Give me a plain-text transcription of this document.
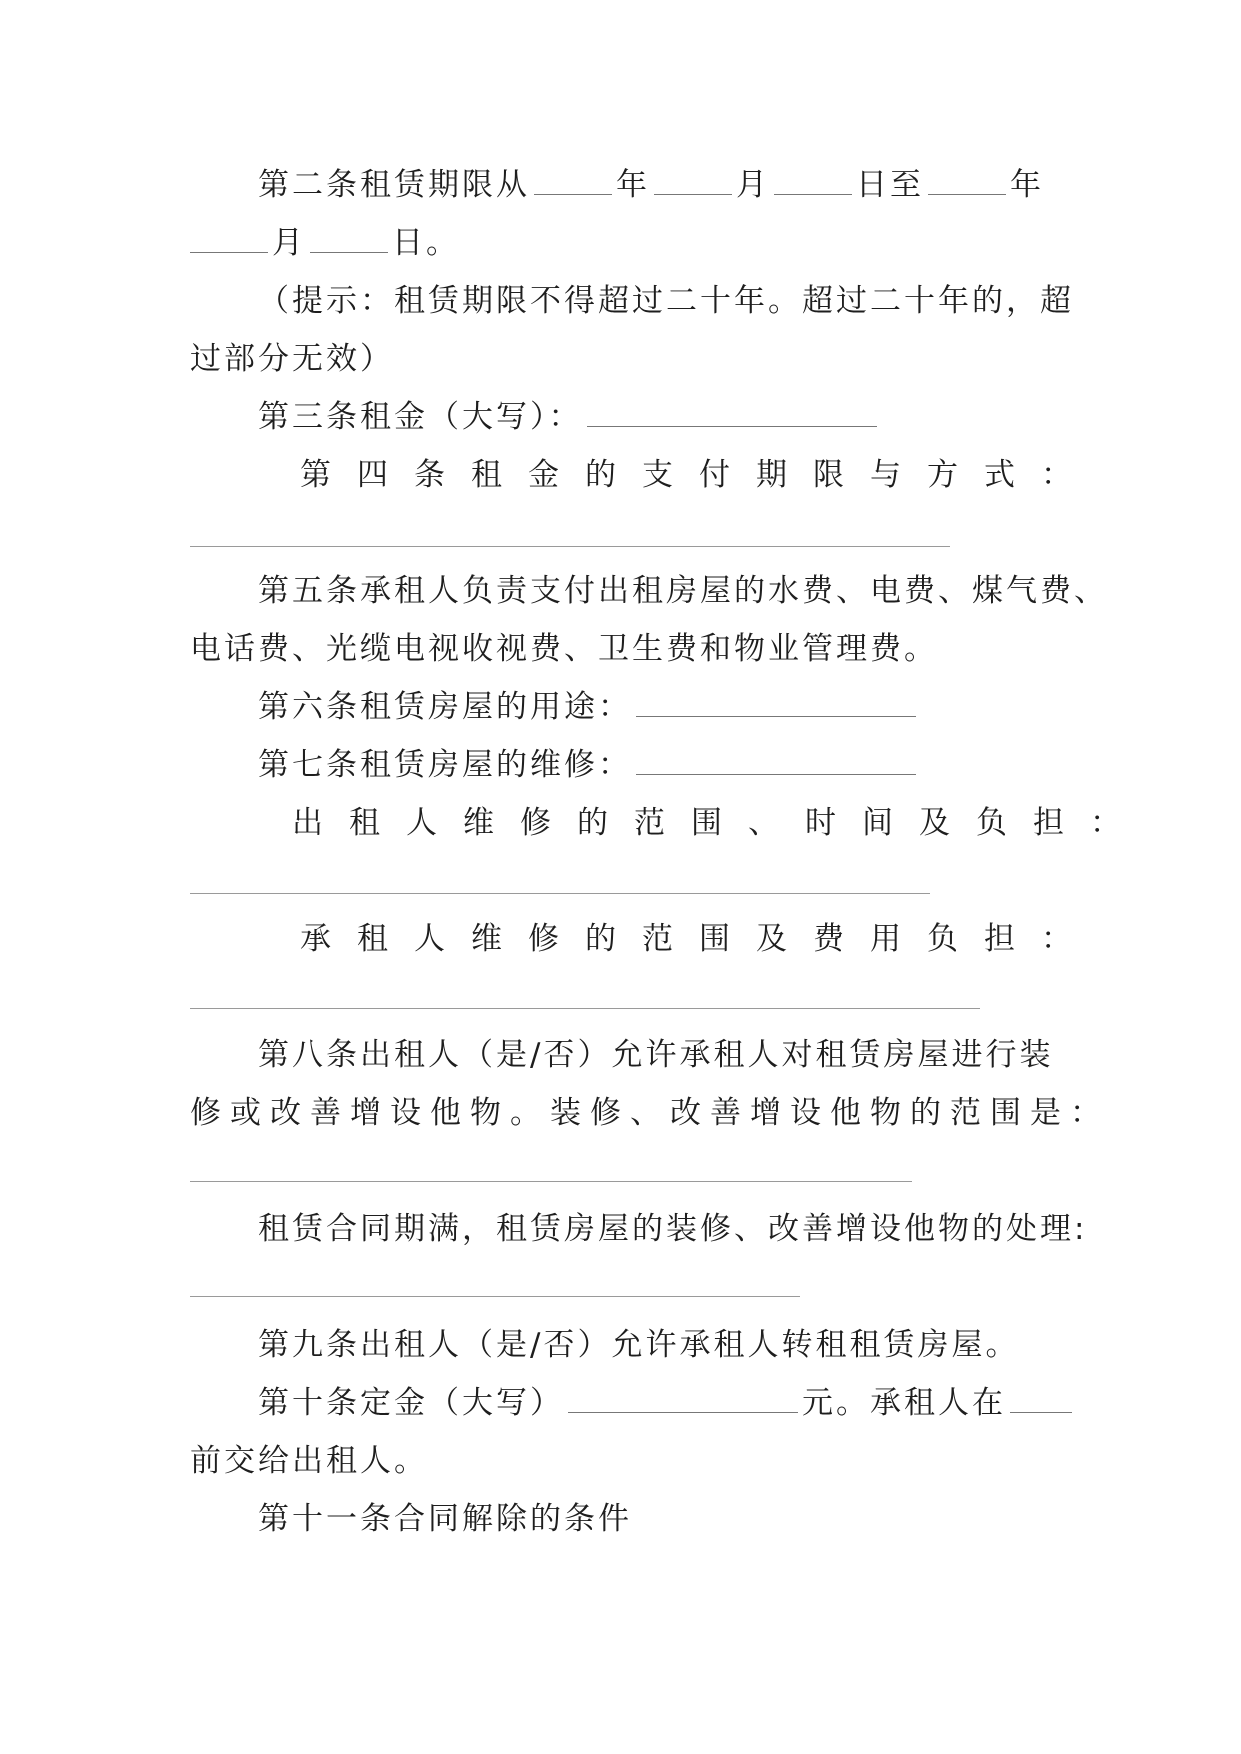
第二条租赁期限从	年	月	日至	年

月	日。

（提示：租赁期限不得超过二十年。超过二十年的，超

过部分无效）

第三条租金（大写）：

第四条租金的支付期限与方式：

第五条承租人负责支付出租房屋的水费、电费、煤气费、

电话费、光缆电视收视费、卫生费和物业管理费。

第六条租赁房屋的用途：

第七条租赁房屋的维修：

出租人维修的范围、时间及负担：

承租人维修的范围及费用负担：

第八条出租人（是/否）允许承租人对租赁房屋进行装

修或改善增设他物。装修、改善增设他物的范围是：

租赁合同期满，租赁房屋的装修、改善增设他物的处理:

第九条出租人（是/否）允许承租人转租租赁房屋。

第十条定金（大写）	元。承租人在

前交给出租人。

第十一条合同解除的条件
